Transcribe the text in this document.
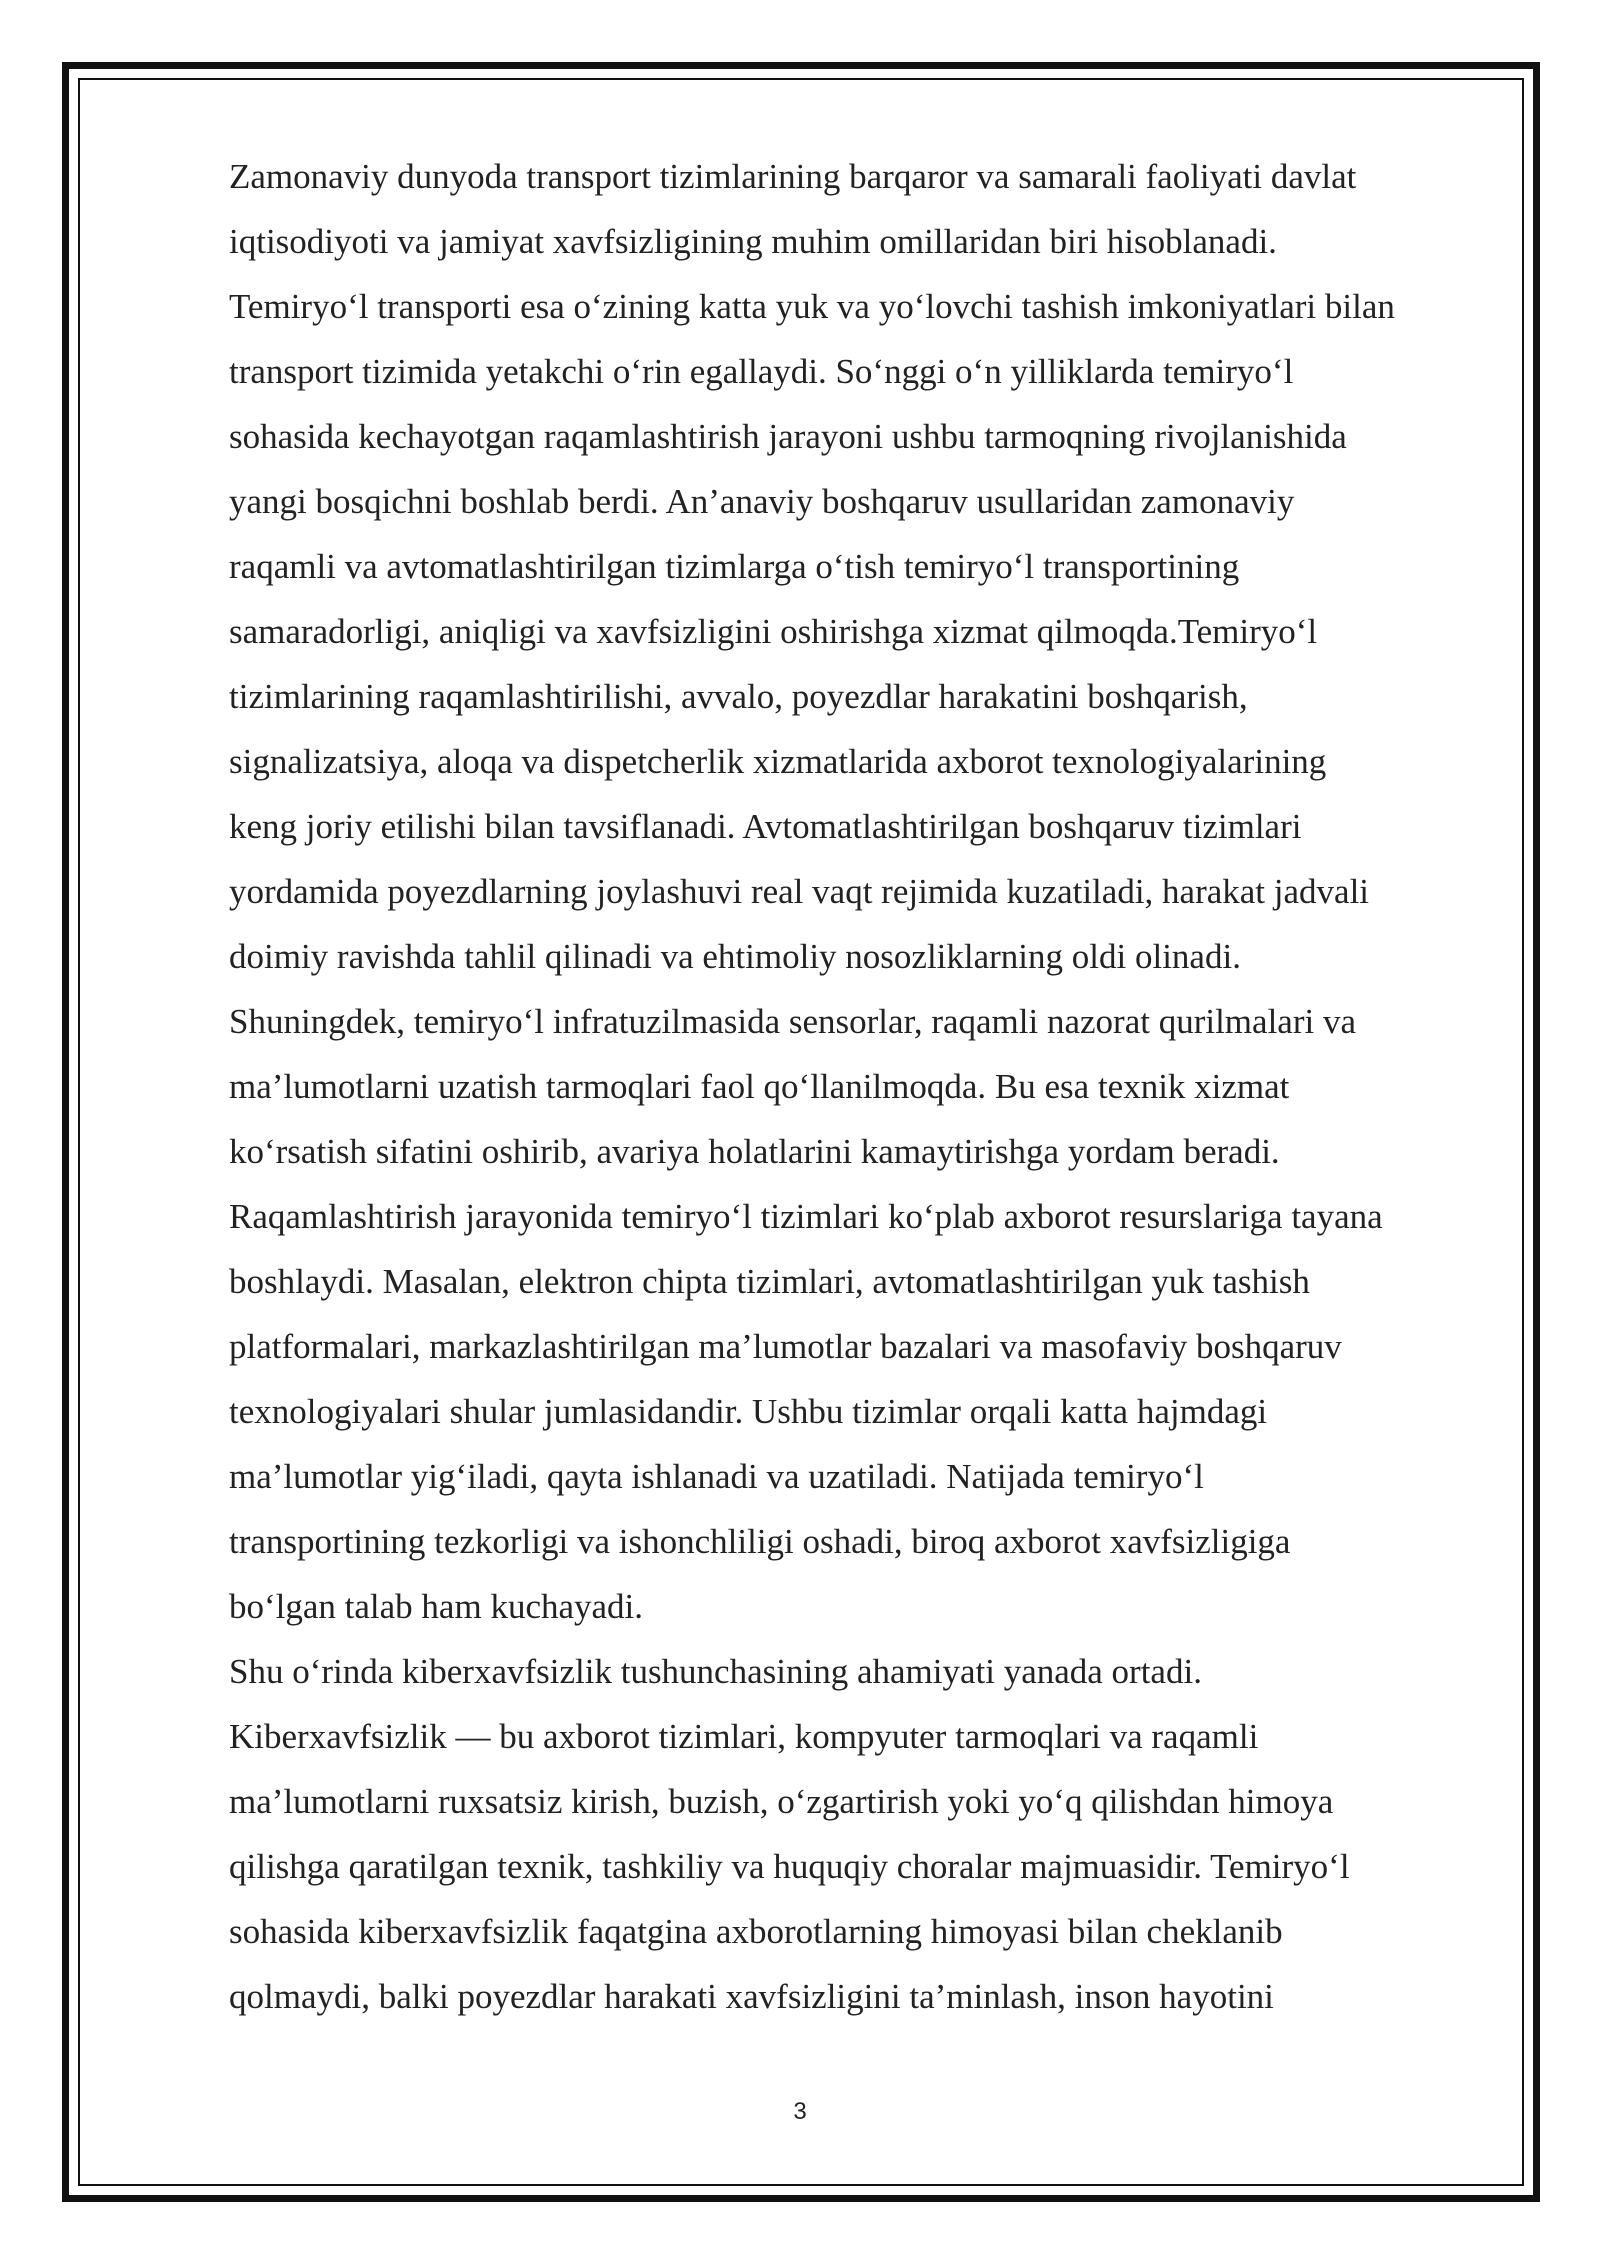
Zamonaviy dunyoda transport tizimlarining barqaror va samarali faoliyati davlat
iqtisodiyoti va jamiyat xavfsizligining muhim omillaridan biri hisoblanadi.
Temiryo‘l transporti esa o‘zining katta yuk va yo‘lovchi tashish imkoniyatlari bilan
transport tizimida yetakchi o‘rin egallaydi. So‘nggi o‘n yilliklarda temiryo‘l
sohasida kechayotgan raqamlashtirish jarayoni ushbu tarmoqning rivojlanishida
yangi bosqichni boshlab berdi. An’anaviy boshqaruv usullaridan zamonaviy
raqamli va avtomatlashtirilgan tizimlarga o‘tish temiryo‘l transportining
samaradorligi, aniqligi va xavfsizligini oshirishga xizmat qilmoqda.Temiryo‘l
tizimlarining raqamlashtirilishi, avvalo, poyezdlar harakatini boshqarish,
signalizatsiya, aloqa va dispetcherlik xizmatlarida axborot texnologiyalarining
keng joriy etilishi bilan tavsiflanadi. Avtomatlashtirilgan boshqaruv tizimlari
yordamida poyezdlarning joylashuvi real vaqt rejimida kuzatiladi, harakat jadvali
doimiy ravishda tahlil qilinadi va ehtimoliy nosozliklarning oldi olinadi.
Shuningdek, temiryo‘l infratuzilmasida sensorlar, raqamli nazorat qurilmalari va
ma’lumotlarni uzatish tarmoqlari faol qo‘llanilmoqda. Bu esa texnik xizmat
ko‘rsatish sifatini oshirib, avariya holatlarini kamaytirishga yordam beradi.
Raqamlashtirish jarayonida temiryo‘l tizimlari ko‘plab axborot resurslariga tayana
boshlaydi. Masalan, elektron chipta tizimlari, avtomatlashtirilgan yuk tashish
platformalari, markazlashtirilgan ma’lumotlar bazalari va masofaviy boshqaruv
texnologiyalari shular jumlasidandir. Ushbu tizimlar orqali katta hajmdagi
ma’lumotlar yig‘iladi, qayta ishlanadi va uzatiladi. Natijada temiryo‘l
transportining tezkorligi va ishonchliligi oshadi, biroq axborot xavfsizligiga
bo‘lgan talab ham kuchayadi.
Shu o‘rinda kiberxavfsizlik tushunchasining ahamiyati yanada ortadi.
Kiberxavfsizlik — bu axborot tizimlari, kompyuter tarmoqlari va raqamli
ma’lumotlarni ruxsatsiz kirish, buzish, o‘zgartirish yoki yo‘q qilishdan himoya
qilishga qaratilgan texnik, tashkiliy va huquqiy choralar majmuasidir. Temiryo‘l
sohasida kiberxavfsizlik faqatgina axborotlarning himoyasi bilan cheklanib
qolmaydi, balki poyezdlar harakati xavfsizligini ta’minlash, inson hayotini
3
